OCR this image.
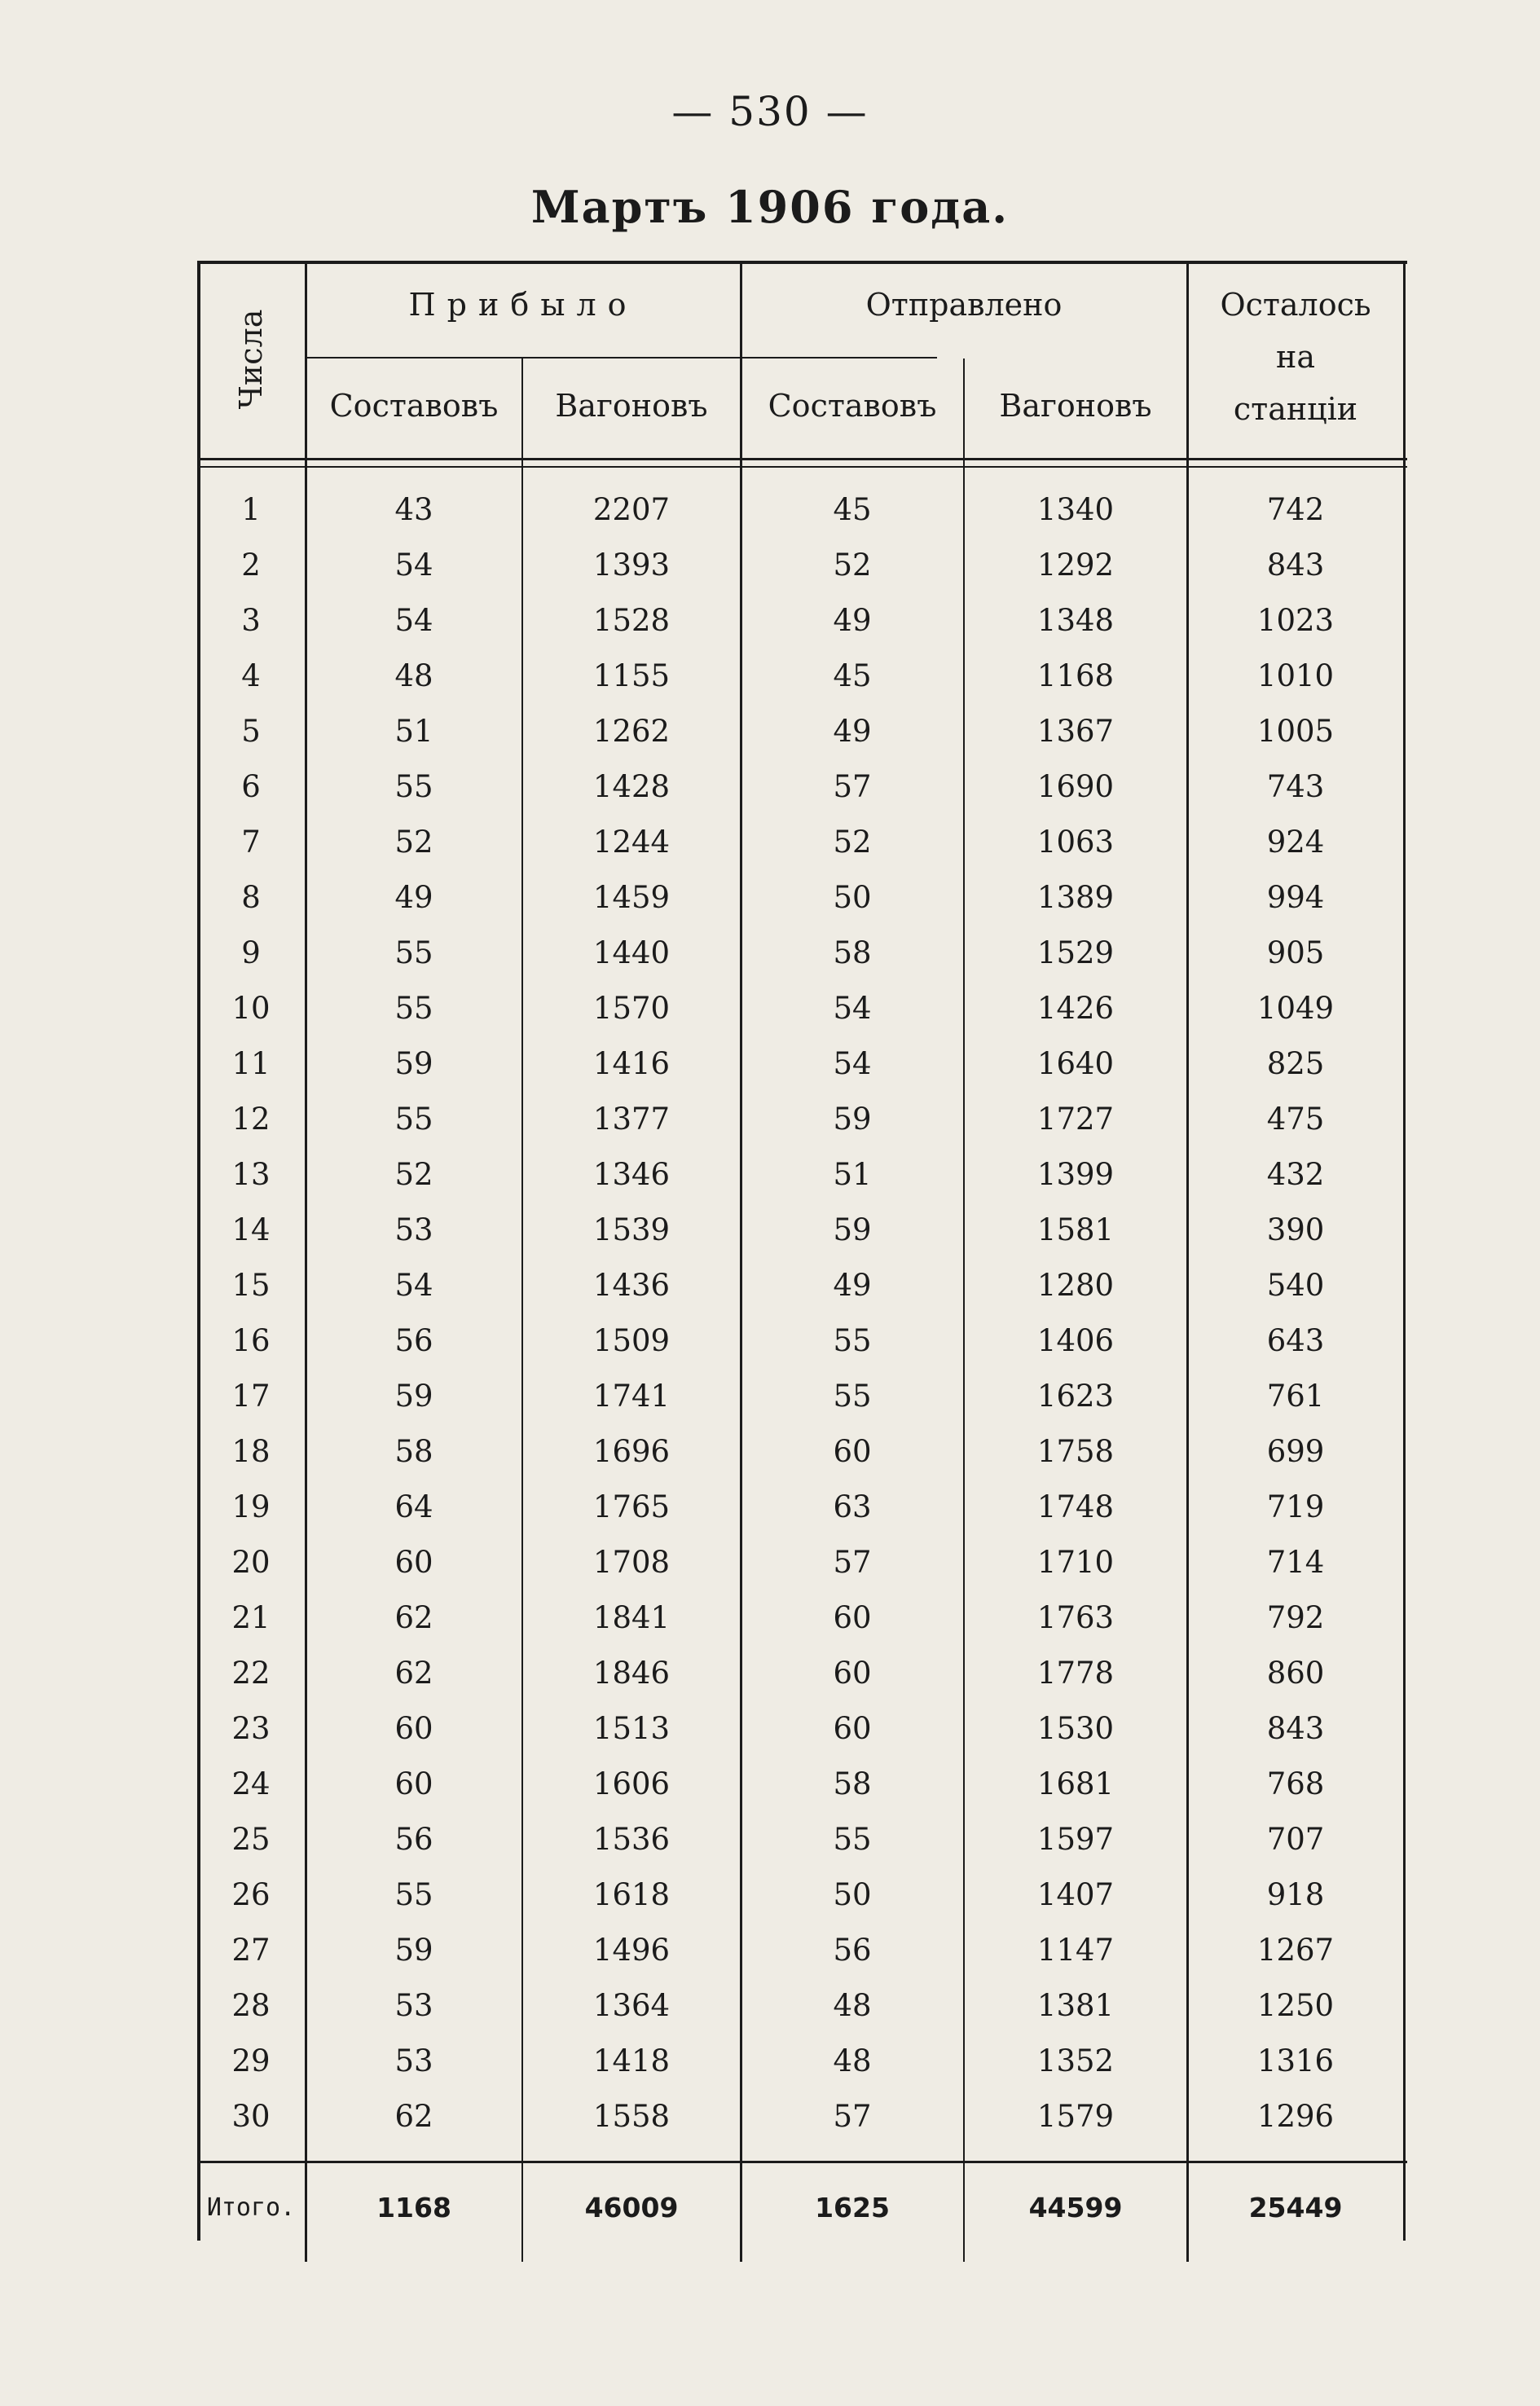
— 530 —
Мартъ 1906 года.
Числа
Прибыло	Отправлено	Осталось
на
станціи
Составовъ	Вагоновъ	Составовъ	Вагоновъ
1	43	2207	45	1340	742
2	54	1393	52	1292	843
3	54	1528	49	1348	1023
4	48	1155	45	1168	1010
5	51	1262	49	1367	1005
6	55	1428	57	1690	743
7	52	1244	52	1063	924
8	49	1459	50	1389	994
9	55	1440	58	1529	905
10	55	1570	54	1426	1049
11	59	1416	54	1640	825
12	55	1377	59	1727	475
13	52	1346	51	1399	432
14	53	1539	59	1581	390
15	54	1436	49	1280	540
16	56	1509	55	1406	643
17	59	1741	55	1623	761
18	58	1696	60	1758	699
19	64	1765	63	1748	719
20	60	1708	57	1710	714
21	62	1841	60	1763	792
22	62	1846	60	1778	860
23	60	1513	60	1530	843
24	60	1606	58	1681	768
25	56	1536	55	1597	707
26	55	1618	50	1407	918
27	59	1496	56	1147	1267
28	53	1364	48	1381	1250
29	53	1418	48	1352	1316
30	62	1558	57	1579	1296
Итого.	1168	46009	1625	44599	25449
